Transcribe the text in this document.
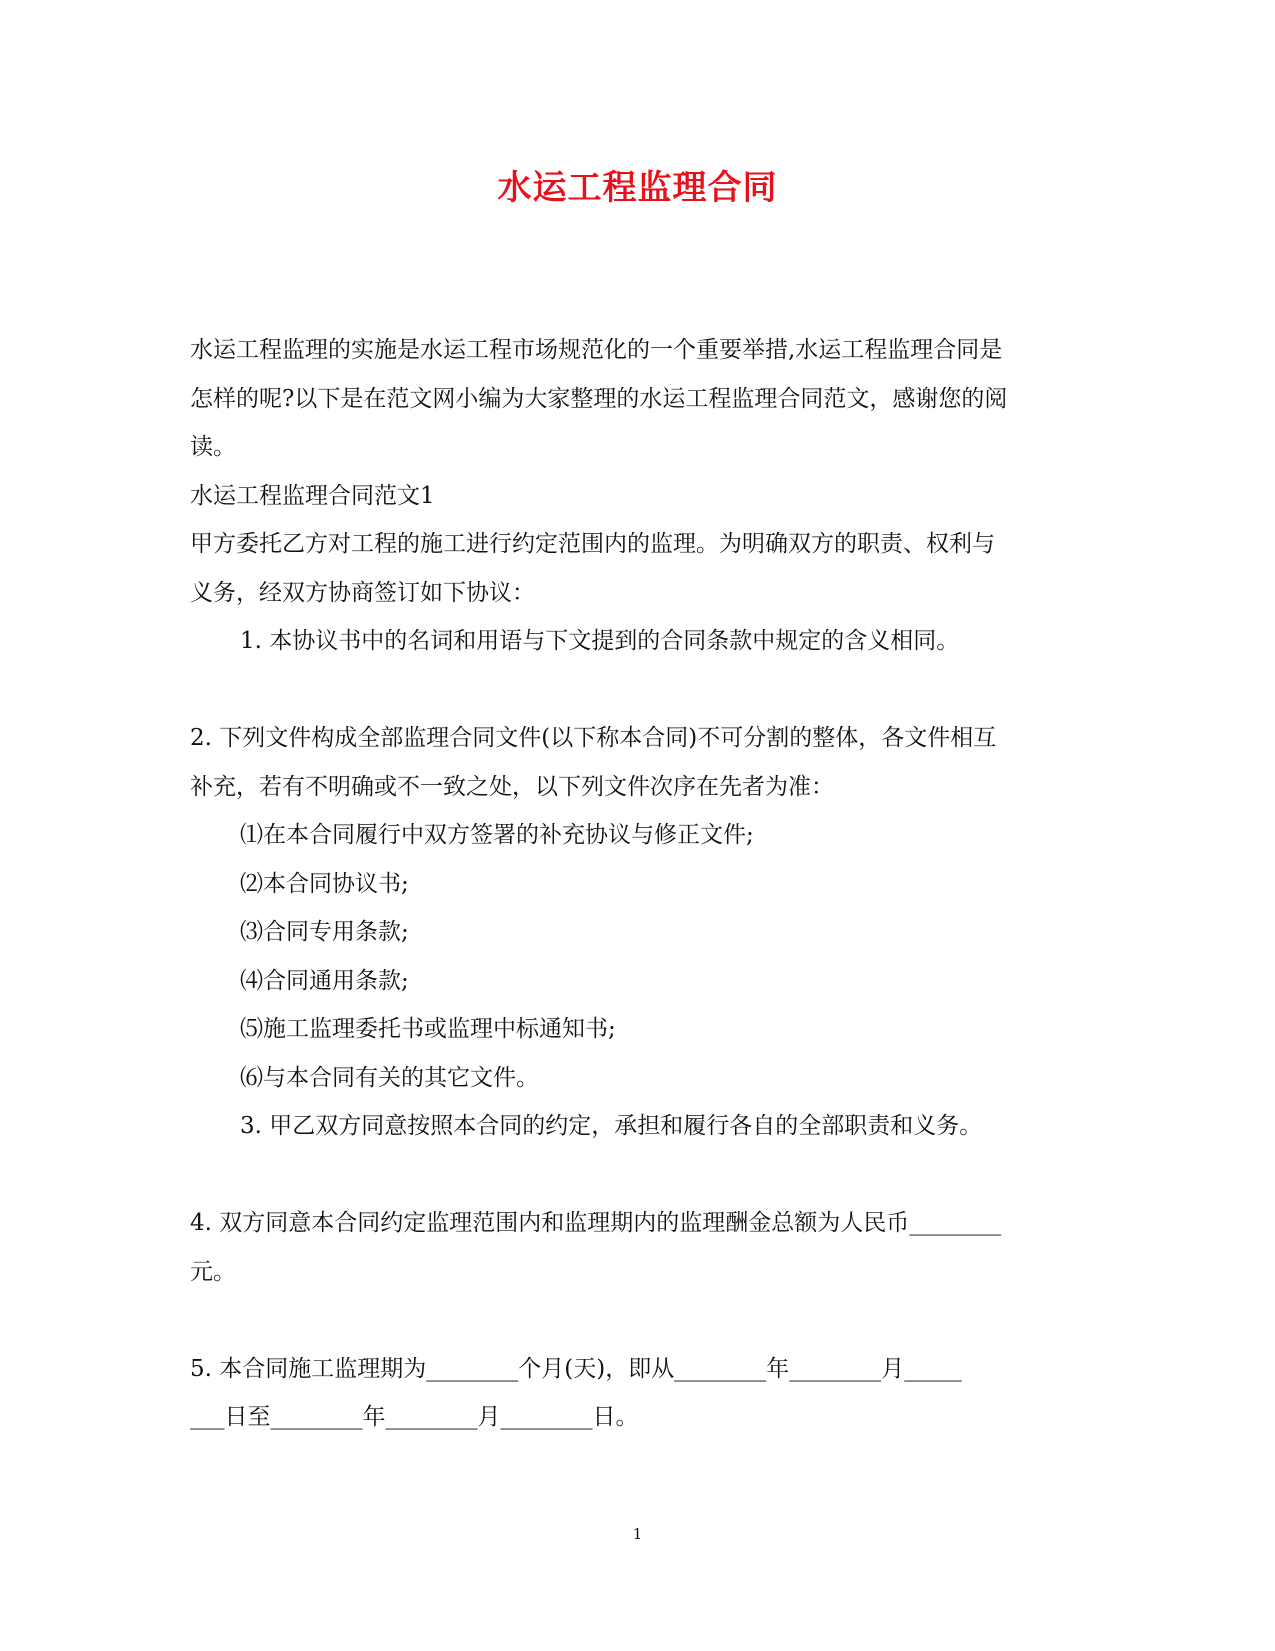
水运工程监理合同
水运工程监理的实施是水运工程市场规范化的一个重要举措,水运工程监理合同是
怎样的呢?以下是在范文网小编为大家整理的水运工程监理合同范文，感谢您的阅
读。
水运工程监理合同范文1
甲方委托乙方对工程的施工进行约定范围内的监理。为明确双方的职责、权利与
义务，经双方协商签订如下协议：
1. 本协议书中的名词和用语与下文提到的合同条款中规定的含义相同。
2. 下列文件构成全部监理合同文件(以下称本合同)不可分割的整体，各文件相互
补充，若有不明确或不一致之处，以下列文件次序在先者为准：
⑴在本合同履行中双方签署的补充协议与修正文件;
⑵本合同协议书;
⑶合同专用条款;
⑷合同通用条款;
⑸施工监理委托书或监理中标通知书;
⑹与本合同有关的其它文件。
3. 甲乙双方同意按照本合同的约定，承担和履行各自的全部职责和义务。
4. 双方同意本合同约定监理范围内和监理期内的监理酬金总额为人民币________
元。
5. 本合同施工监理期为________个月(天)，即从________年________月_____
___日至________年________月________日。
1
